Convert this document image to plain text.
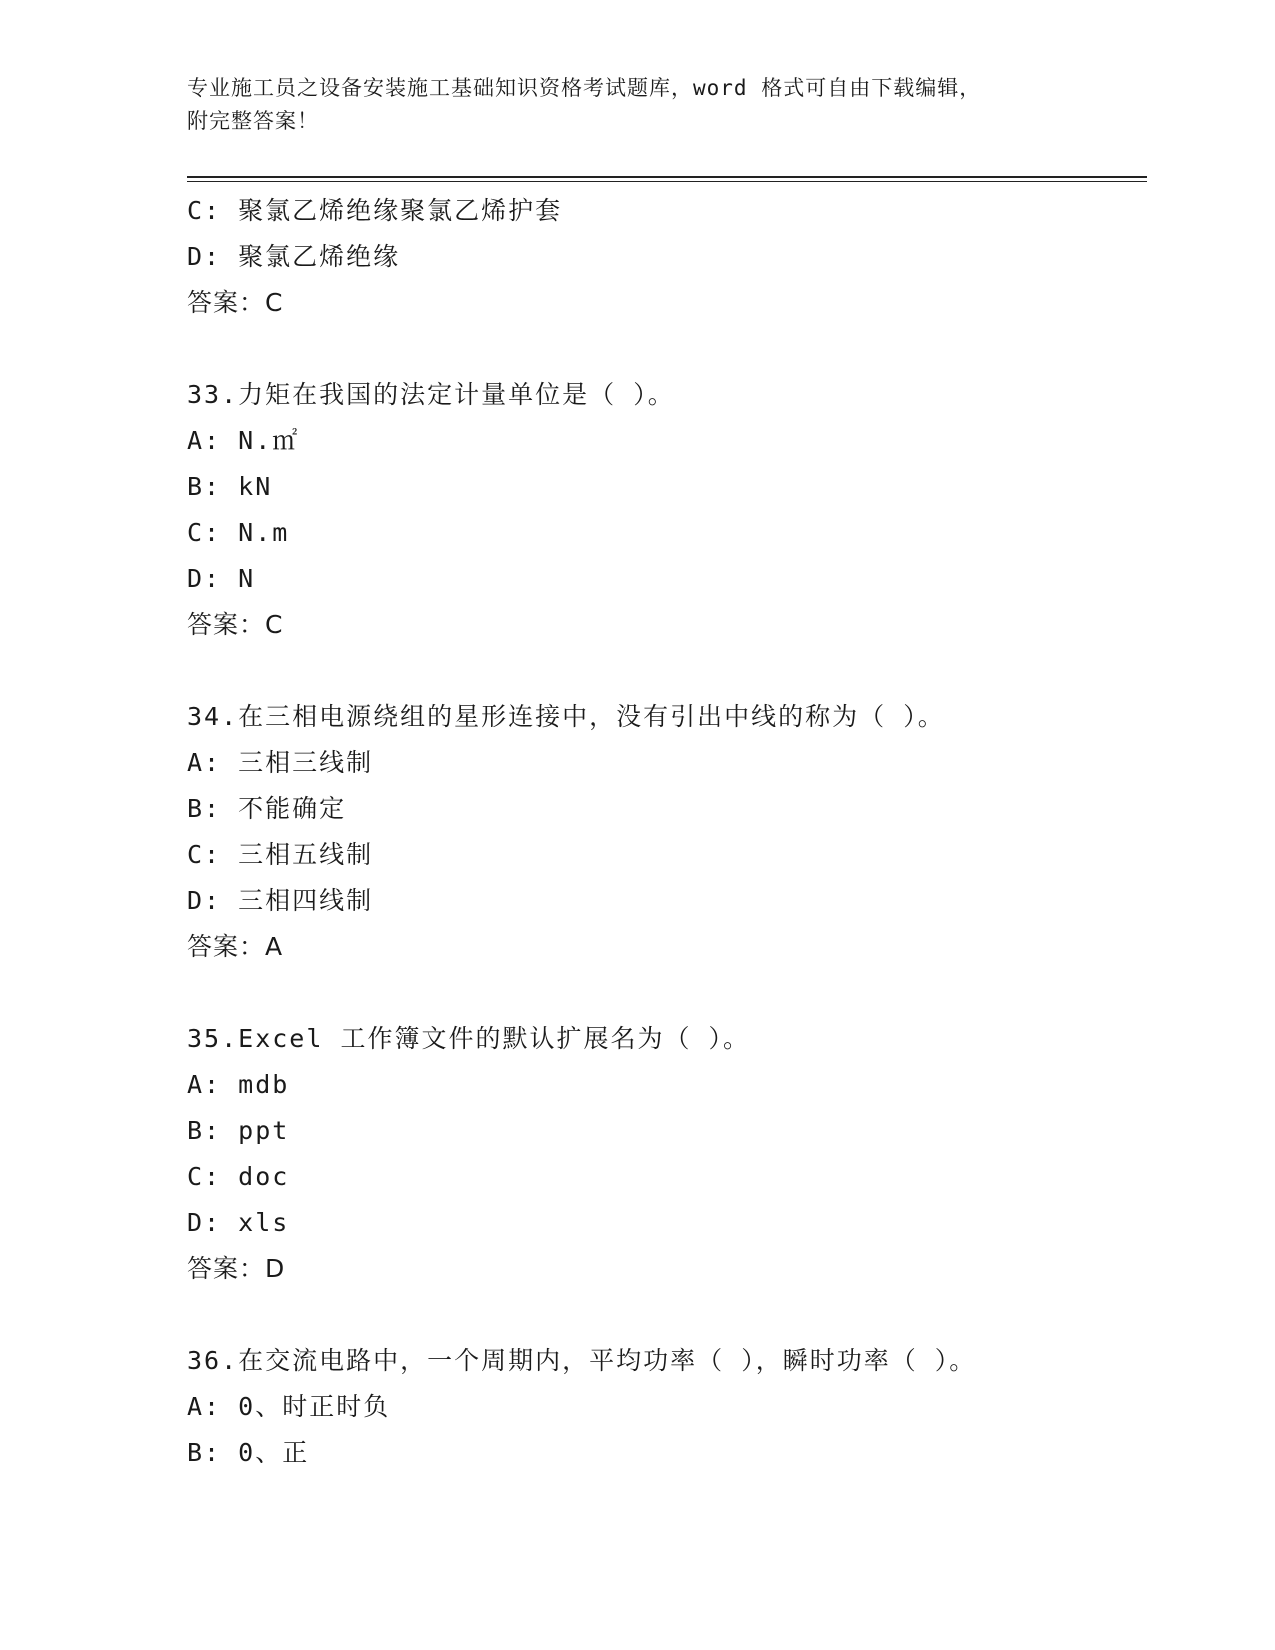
专业施工员之设备安装施工基础知识资格考试题库，word 格式可自由下载编辑，
附完整答案！
C: 聚氯乙烯绝缘聚氯乙烯护套
D: 聚氯乙烯绝缘
答案：C
33.力矩在我国的法定计量单位是（ ）。
A: N.㎡
B: kN
C: N.m
D: N
答案：C
34.在三相电源绕组的星形连接中，没有引出中线的称为（ ）。
A: 三相三线制
B: 不能确定
C: 三相五线制
D: 三相四线制
答案：A
35.Excel 工作簿文件的默认扩展名为（ ）。
A: mdb
B: ppt
C: doc
D: xls
答案：D
36.在交流电路中，一个周期内，平均功率（ ），瞬时功率（ ）。
A: 0、时正时负
B: 0、正
